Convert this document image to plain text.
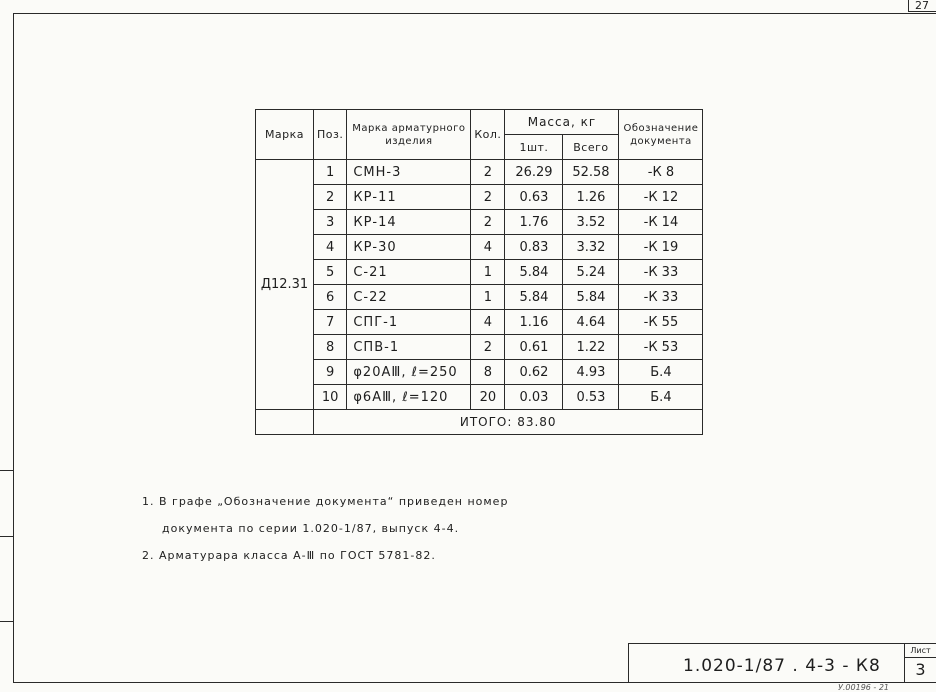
27
Марка	Поз.	Марка арматурного изделия	Кол.	Масса, кг		Обозначение документа
				1шт.	Всего	
Д12.31	1	СМН-3	2	26.29	52.58	-К 8
	2	КР-11	2	0.63	1.26	-К 12
	3	КР-14	2	1.76	3.52	-К 14
	4	КР-30	4	0.83	3.32	-К 19
	5	С-21	1	5.84	5.24	-К 33
	6	С-22	1	5.84	5.84	-К 33
	7	СПГ-1	4	1.16	4.64	-К 55
	8	СПВ-1	2	0.61	1.22	-К 53
	9	φ20АⅢ, ℓ=250	8	0.62	4.93	Б.4
	10	φ6АⅢ, ℓ=120	20	0.03	0.53	Б.4
	ИТОГО: 83.80					
1. В графе „Обозначение документа“ приведен номер
документа по серии 1.020-1/87, выпуск 4-4.
2. Арматурара класса А-Ⅲ по ГОСТ 5781-82.
1.020-1/87 . 4-3 - К8
Лист
3
У.00196 - 21
